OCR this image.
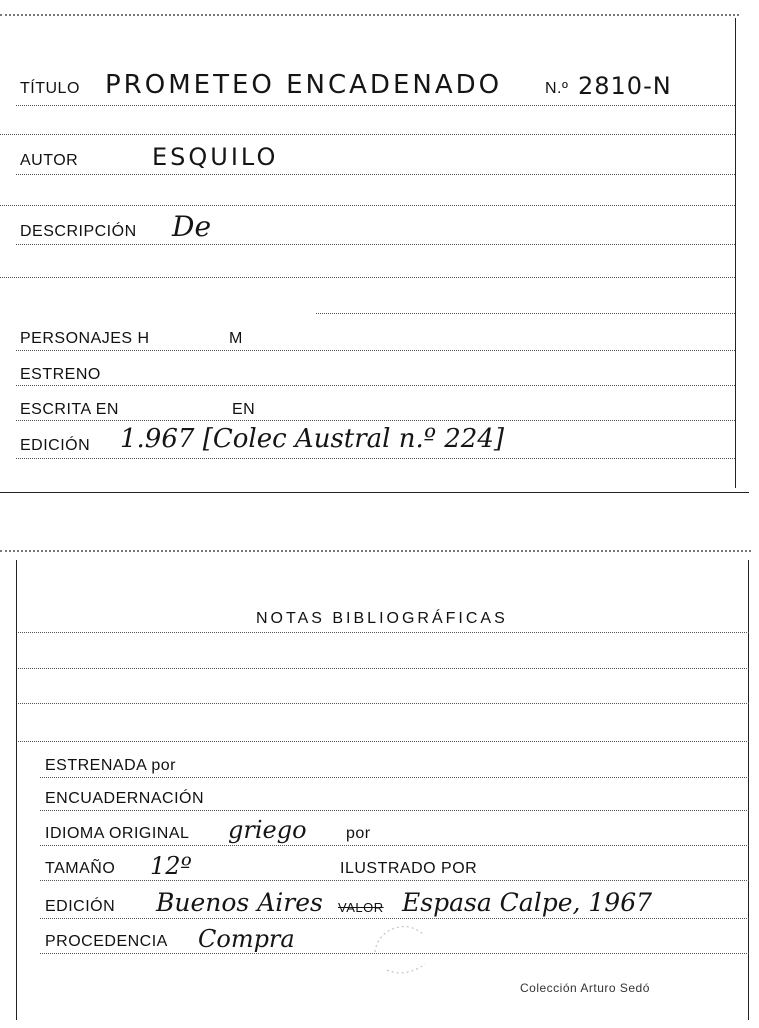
TÍTULO PROMETEO ENCADENADO	N.º 2810-N
AUTOR	ESQUILO
DESCRIPCIÓN De
PERSONAJES H	M
ESTRENO
ESCRITA EN	EN
EDICIÓN 1.967 [Colec Austral n.º 224]
NOTAS BIBLIOGRÁFICAS
ESTRENADA por
ENCUADERNACIÓN
IDIOMA ORIGINAL griego por
TAMAÑO 12º	ILUSTRADO POR
EDICIÓN Buenos Aires VALOR Espasa Calpe, 1967
PROCEDENCIA Compra
Colección Arturo Sedó
